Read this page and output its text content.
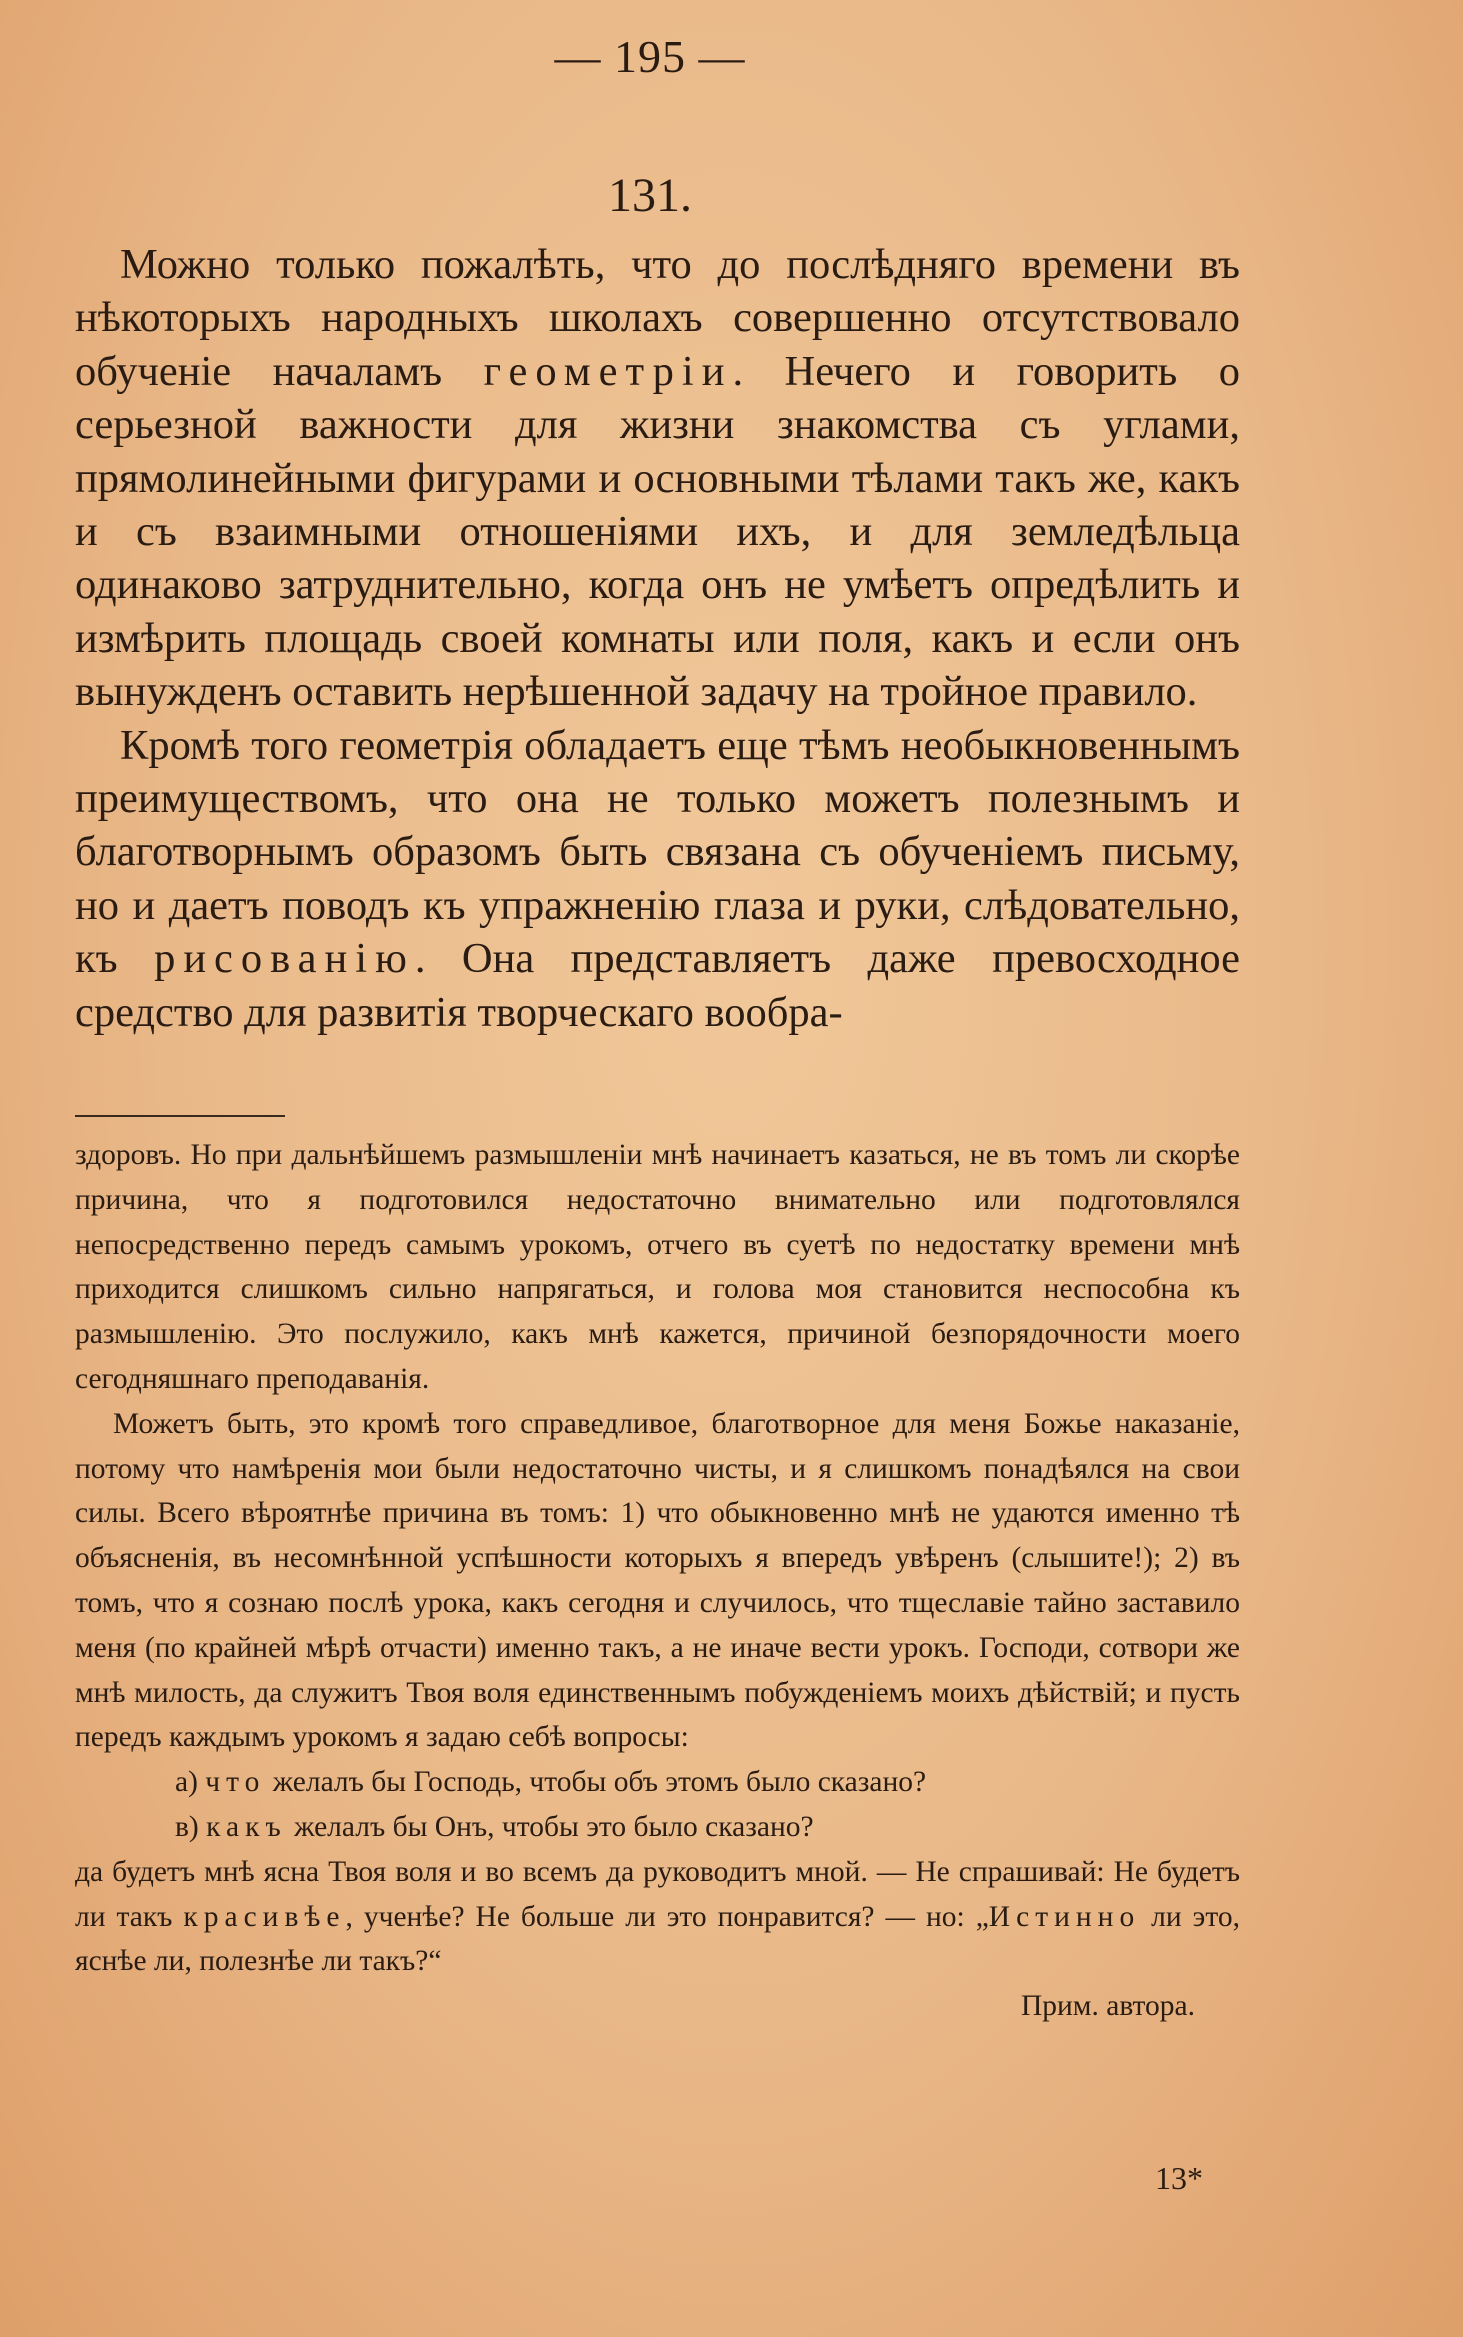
— 195 —
131.

Можно только пожалѣть, что до послѣдняго времени въ нѣкоторыхъ народныхъ школахъ совершенно отсутствовало обученіе началамъ геометріи. Нечего и говорить о серьезной важности для жизни знакомства съ углами, прямолинейными фигурами и основными тѣлами такъ же, какъ и съ взаимными отношеніями ихъ, и для земледѣльца одинаково затруднительно, когда онъ не умѣетъ опредѣлить и измѣрить площадь своей комнаты или поля, какъ и если онъ вынужденъ оставить нерѣшенной задачу на тройное правило.

Кромѣ того геометрія обладаетъ еще тѣмъ необыкновеннымъ преимуществомъ, что она не только можетъ полезнымъ и благотворнымъ образомъ быть связана съ обученіемъ письму, но и даетъ поводъ къ упражненію глаза и руки, слѣдовательно, къ рисованію. Она представляетъ даже превосходное средство для развитія творческаго вообра-

здоровъ. Но при дальнѣйшемъ размышленіи мнѣ начинаетъ казаться, не въ томъ ли скорѣе причина, что я подготовился недостаточно внимательно или подготовлялся непосредственно передъ самымъ урокомъ, отчего въ суетѣ по недостатку времени мнѣ приходится слишкомъ сильно напрягаться, и голова моя становится неспособна къ размышленію. Это послужило, какъ мнѣ кажется, причиной безпорядочности моего сегодняшнаго преподаванія.

Можетъ быть, это кромѣ того справедливое, благотворное для меня Божье наказаніе, потому что намѣренія мои были недостаточно чисты, и я слишкомъ понадѣялся на свои силы. Всего вѣроятнѣе причина въ томъ: 1) что обыкновенно мнѣ не удаются именно тѣ объясненія, въ несомнѣнной успѣшности которыхъ я впередъ увѣренъ (слышите!); 2) въ томъ, что я сознаю послѣ урока, какъ сегодня и случилось, что тщеславіе тайно заставило меня (по крайней мѣрѣ отчасти) именно такъ, а не иначе вести урокъ. Господи, сотвори же мнѣ милость, да служитъ Твоя воля единственнымъ побужденіемъ моихъ дѣйствій; и пусть передъ каждымъ урокомъ я задаю себѣ вопросы:

а) что желалъ бы Господь, чтобы объ этомъ было сказано?

в) какъ желалъ бы Онъ, чтобы это было сказано?

да будетъ мнѣ ясна Твоя воля и во всемъ да руководитъ мной. — Не спрашивай: Не будетъ ли такъ красивѣе, ученѣе? Не больше ли это понравится? — но: „Истинно ли это, яснѣе ли, полезнѣе ли такъ?“

Прим. автора.

13*
